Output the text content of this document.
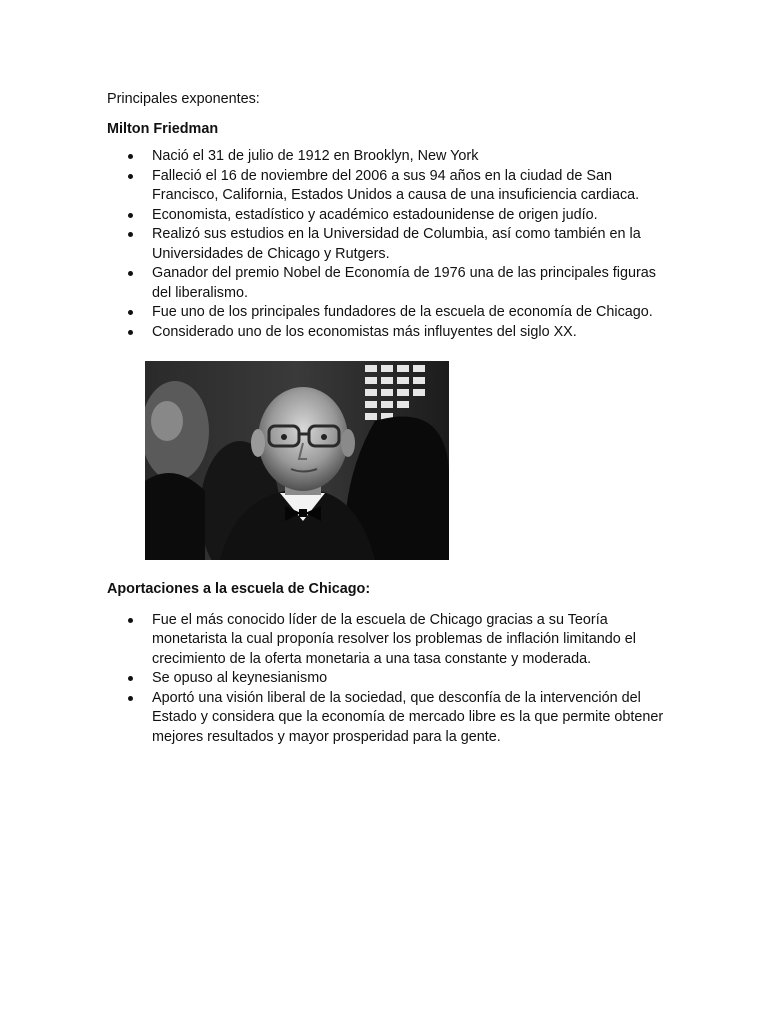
Principales exponentes:

Milton Friedman

Nació el 31 de julio de 1912 en Brooklyn, New York
Falleció el 16 de noviembre del 2006 a sus 94 años en la ciudad de San Francisco, California, Estados Unidos a causa de una insuficiencia cardiaca.
Economista, estadístico y académico estadounidense de origen judío.
Realizó sus estudios en la Universidad de Columbia, así como también en la Universidades de Chicago y Rutgers.
Ganador del premio Nobel de Economía de 1976 una de las principales figuras del liberalismo.
Fue uno de los principales fundadores de la escuela de economía de Chicago.
Considerado uno de los economistas más influyentes del siglo XX.

Aportaciones a la escuela de Chicago:

Fue el más conocido líder de la escuela de Chicago gracias a su Teoría monetarista la cual proponía resolver los problemas de inflación limitando el crecimiento de la oferta monetaria a una tasa constante y moderada.
Se opuso al keynesianismo
Aportó una visión liberal de la sociedad, que desconfía de la intervención del Estado y considera que la economía de mercado libre es la que permite obtener mejores resultados y mayor prosperidad para la gente.
